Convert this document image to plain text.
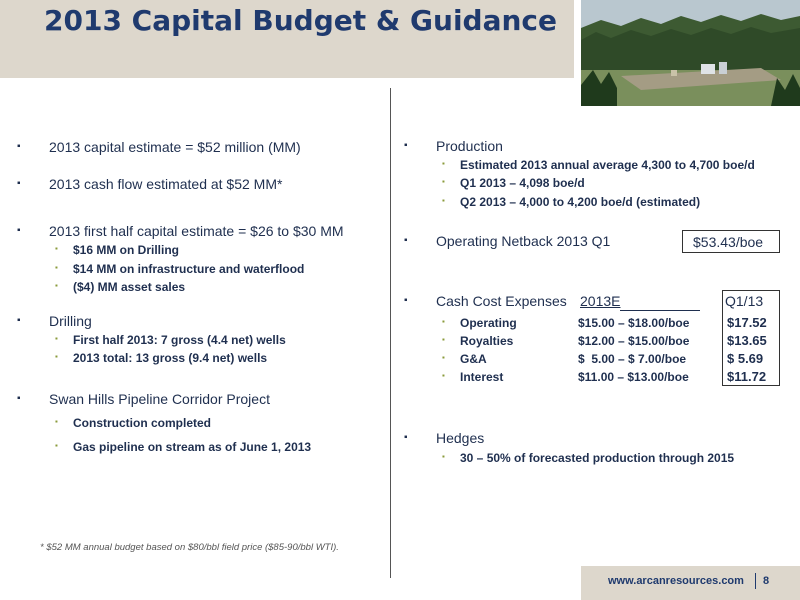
2013 Capital Budget & Guidance
▪ 2013 capital estimate = $52 million (MM)
▪ 2013 cash flow estimated at $52 MM*
▪ 2013 first half capital estimate = $26 to $30 MM
▪ $16 MM on Drilling
▪ $14 MM on infrastructure and waterflood
▪ ($4) MM asset sales
▪ Drilling
▪ First half 2013: 7 gross (4.4 net) wells
▪ 2013 total: 13 gross (9.4 net) wells
▪ Swan Hills Pipeline Corridor Project
▪ Construction completed
▪ Gas pipeline on stream as of June 1, 2013
* $52 MM annual budget based on $80/bbl field price ($85-90/bbl WTI).
▪ Production
▪ Estimated 2013 annual average 4,300 to 4,700 boe/d
▪ Q1 2013 – 4,098 boe/d
▪ Q2 2013 – 4,000 to 4,200 boe/d (estimated)
▪ Operating Netback 2013 Q1	$53.43/boe
▪ Cash Cost Expenses 2013E	Q1/13
▪ Operating	$15.00 – $18.00/boe	$17.52
▪ Royalties	$12.00 – $15.00/boe	$13.65
▪ G&A	$  5.00 – $ 7.00/boe	$ 5.69
▪ Interest	$11.00 – $13.00/boe	$11.72
▪ Hedges
▪ 30 – 50% of forecasted production through 2015
www.arcanresources.com 8
